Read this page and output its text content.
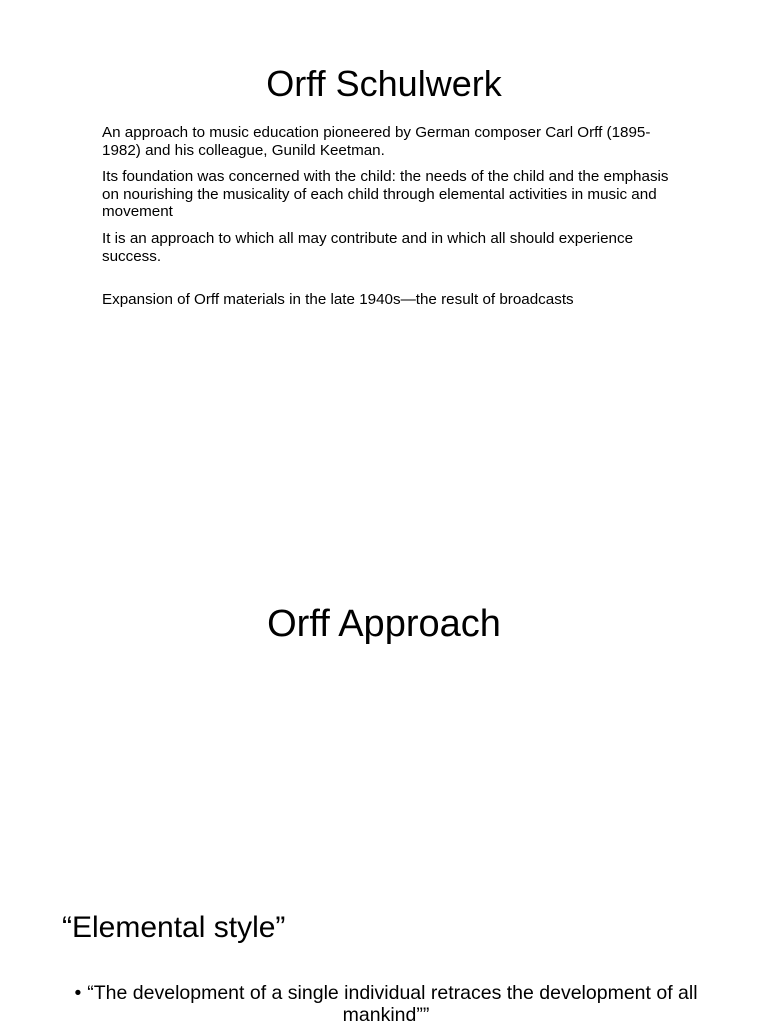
Orff Schulwerk

An approach to music education pioneered by German composer Carl Orff (1895-1982) and his colleague, Gunild Keetman.

Its foundation was concerned with the child: the needs of the child and the emphasis on nourishing the musicality of each child through elemental activities in music and movement

It is an approach to which all may contribute and in which all should experience success.

Expansion of Orff materials in the late 1940s—the result of broadcasts

Orff Approach
“Elemental style”
• “The development of a single individual retraces the development of all mankind””
